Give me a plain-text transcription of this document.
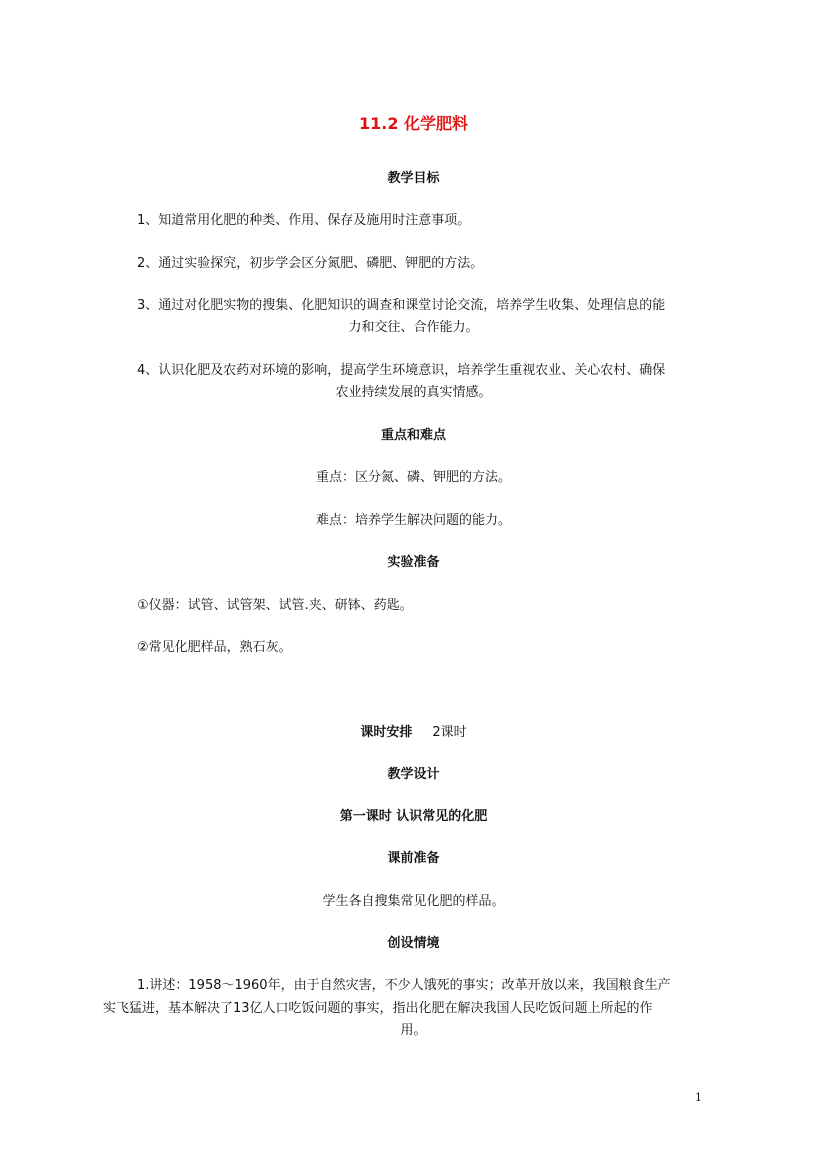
11.2 化学肥料
教学目标
1、知道常用化肥的种类、作用、保存及施用时注意事项。
2、通过实验探究，初步学会区分氮肥、磷肥、钾肥的方法。
3、通过对化肥实物的搜集、化肥知识的调查和课堂讨论交流，培养学生收集、处理信息的能
力和交往、合作能力。
4、认识化肥及农药对环境的影响，提高学生环境意识，培养学生重视农业、关心农村、确保
农业持续发展的真实情感。
重点和难点
重点：区分氮、磷、钾肥的方法。
难点：培养学生解决问题的能力。
实验准备
①仪器：试管、试管架、试管.夹、研钵、药匙。
②常见化肥样品，熟石灰。
课时安排 2课时
教学设计
第一课时 认识常见的化肥
课前准备
学生各自搜集常见化肥的样品。
创设情境
1.讲述：1958～1960年，由于自然灾害，不少人饿死的事实；改革开放以来，我国粮食生产
实飞猛进，基本解决了13亿人口吃饭问题的事实，指出化肥在解决我国人民吃饭问题上所起的作
用。
1
